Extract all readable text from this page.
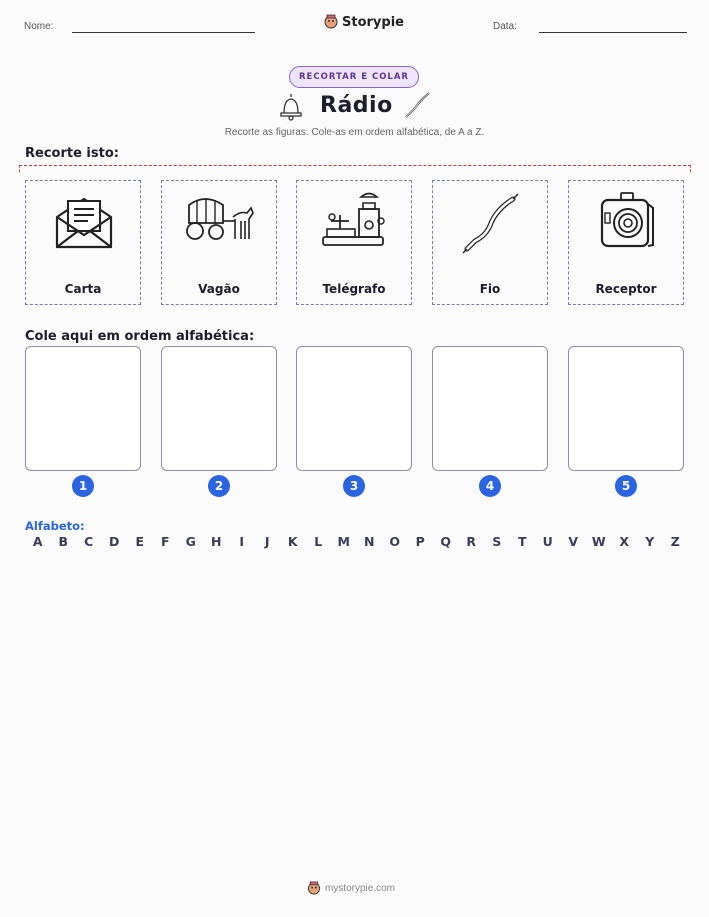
Nome:	Storypie	Data:
RECORTAR E COLAR
Rádio
Recorte as figuras. Cole-as em ordem alfabética, de A a Z.
Recorte isto:
Carta	Vagão	Telégrafo	Fio	Receptor
Cole aqui em ordem alfabética:
1	2	3	4	5
Alfabeto:
A	B	C	D	E	F	G	H	I	J	K	L	M	N	O	P	Q	R	S	T	U	V	W	X	Y	Z
mystorypie.com
